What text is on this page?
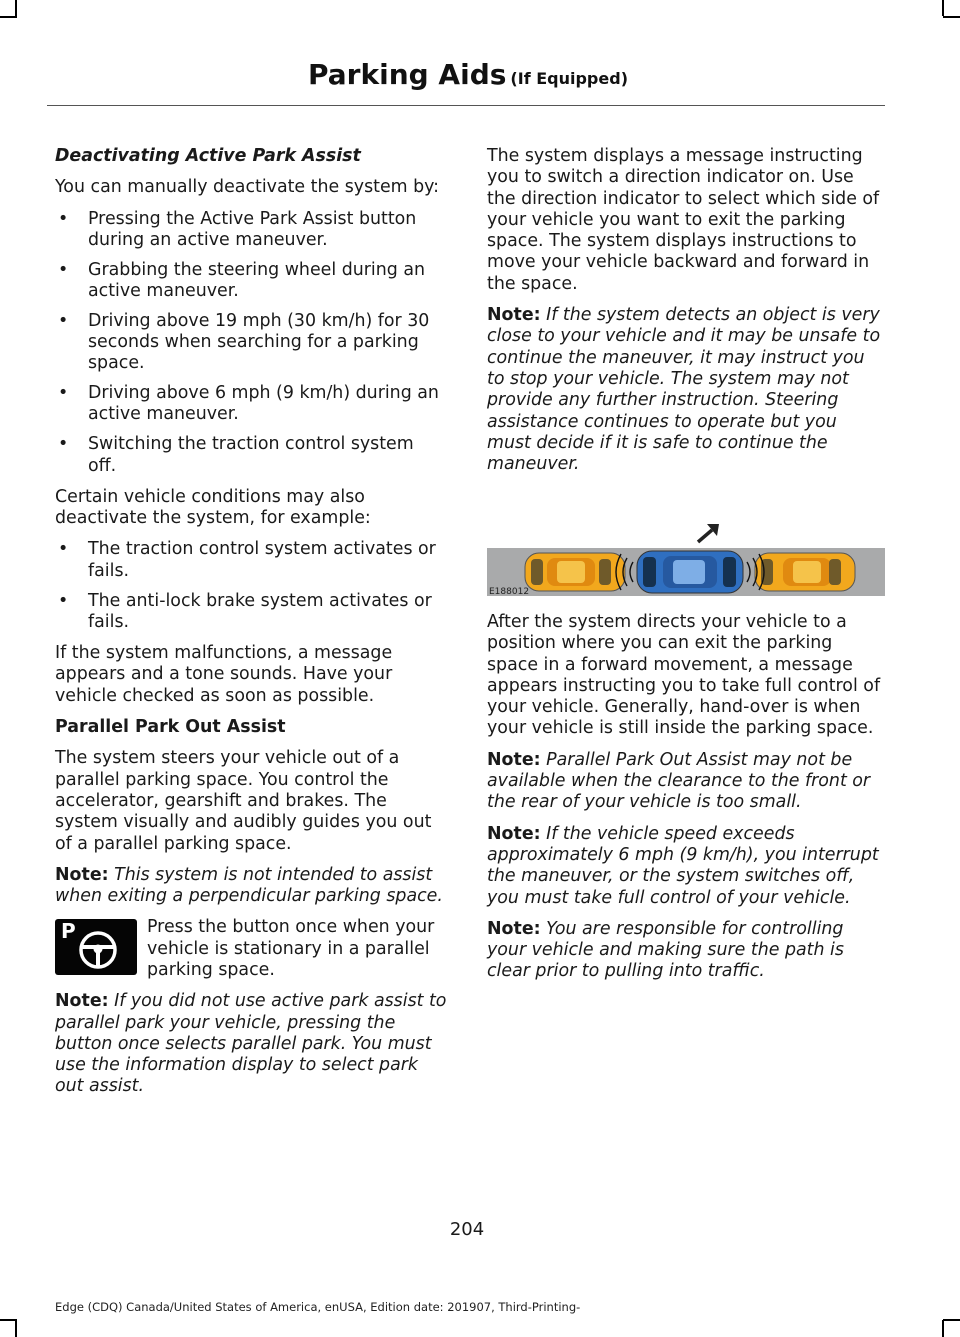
Parking Aids (If Equipped)
Deactivating Active Park Assist

You can manually deactivate the system by:

• Pressing the Active Park Assist button during an active maneuver.
• Grabbing the steering wheel during an active maneuver.
• Driving above 19 mph (30 km/h) for 30 seconds when searching for a parking space.
• Driving above 6 mph (9 km/h) during an active maneuver.
• Switching the traction control system off.

Certain vehicle conditions may also deactivate the system, for example:

• The traction control system activates or fails.
• The anti-lock brake system activates or fails.

If the system malfunctions, a message appears and a tone sounds. Have your vehicle checked as soon as possible.

Parallel Park Out Assist

The system steers your vehicle out of a parallel parking space. You control the accelerator, gearshift and brakes. The system visually and audibly guides you out of a parallel parking space.

Note: This system is not intended to assist when exiting a perpendicular parking space.

P	Press the button once when your vehicle is stationary in a parallel parking space.

Note: If you did not use active park assist to parallel park your vehicle, pressing the button once selects parallel park. You must use the information display to select park out assist.

The system displays a message instructing you to switch a direction indicator on. Use the direction indicator to select which side of your vehicle you want to exit the parking space. The system displays instructions to move your vehicle backward and forward in the space.

Note: If the system detects an object is very close to your vehicle and it may be unsafe to continue the maneuver, it may instruct you to stop your vehicle. The system may not provide any further instruction. Steering assistance continues to operate but you must decide if it is safe to continue the maneuver.

E188012

After the system directs your vehicle to a position where you can exit the parking space in a forward movement, a message appears instructing you to take full control of your vehicle. Generally, hand-over is when your vehicle is still inside the parking space.

Note: Parallel Park Out Assist may not be available when the clearance to the front or the rear of your vehicle is too small.

Note: If the vehicle speed exceeds approximately 6 mph (9 km/h), you interrupt the maneuver, or the system switches off, you must take full control of your vehicle.

Note: You are responsible for controlling your vehicle and making sure the path is clear prior to pulling into traffic.

204
Edge (CDQ) Canada/United States of America, enUSA, Edition date: 201907, Third-Printing-
